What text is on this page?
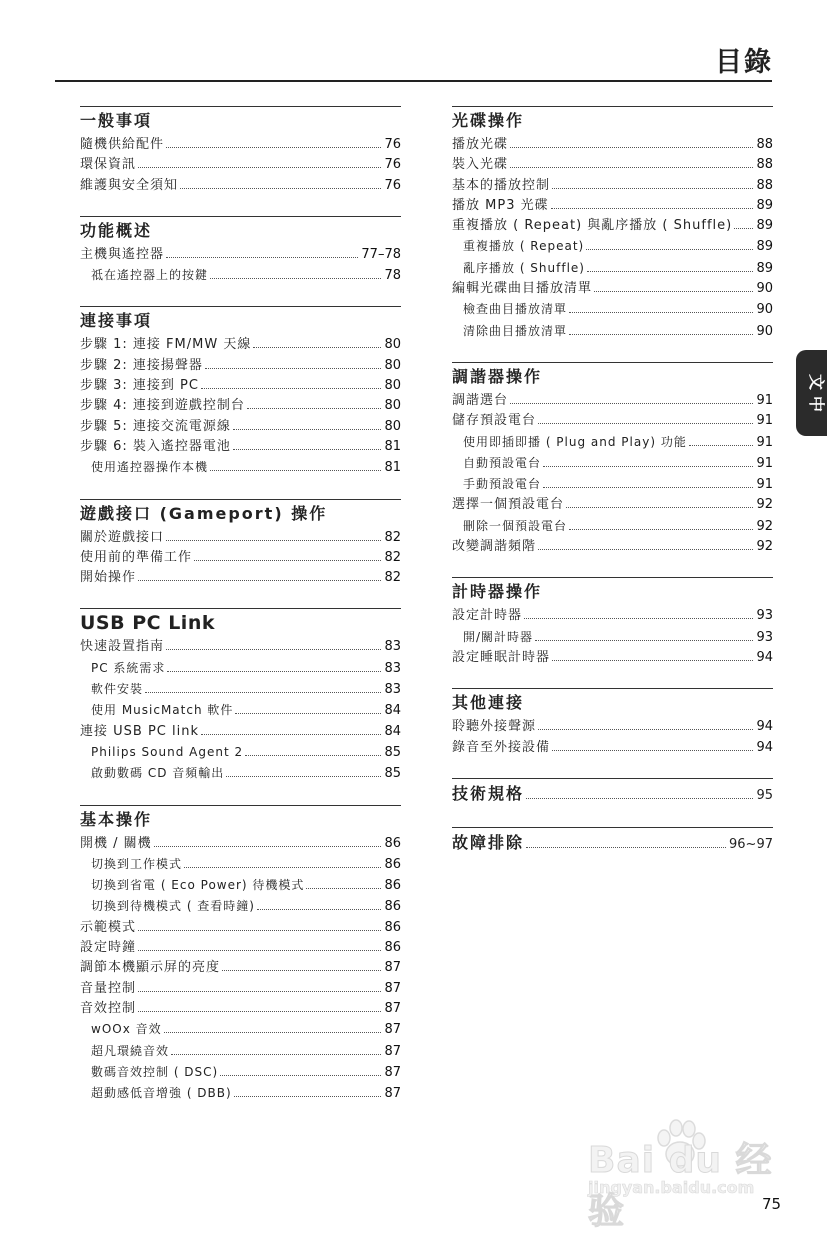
目錄
一般事項
隨機供給配件	76
環保資訊	76
維護與安全須知	76
功能概述
主機與遙控器	77–78
祗在遙控器上的按鍵	78
連接事項
步驟 1: 連接 FM/MW 天線	80
步驟 2: 連接揚聲器	80
步驟 3: 連接到 PC	80
步驟 4: 連接到遊戲控制台	80
步驟 5: 連接交流電源線	80
步驟 6: 裝入遙控器電池	81
使用遙控器操作本機	81
遊戲接口 (Gameport) 操作
關於遊戲接口	82
使用前的準備工作	82
開始操作	82
USB PC Link
快速設置指南	83
PC 系統需求	83
軟件安裝	83
使用 MusicMatch 軟件	84
連接 USB PC link	84
Philips Sound Agent 2	85
啟動數碼 CD 音頻輸出	85
基本操作
開機 / 關機	86
切換到工作模式	86
切換到省電 ( Eco Power) 待機模式	86
切換到待機模式 ( 查看時鐘)	86
示範模式	86
設定時鐘	86
調節本機顯示屏的亮度	87
音量控制	87
音效控制	87
wOOx 音效	87
超凡環繞音效	87
數碼音效控制 ( DSC)	87
超動感低音增強 ( DBB)	87
光碟操作
播放光碟	88
裝入光碟	88
基本的播放控制	88
播放 MP3 光碟	89
重複播放 ( Repeat) 與亂序播放 ( Shuffle) 89
重複播放 ( Repeat)	89
亂序播放 ( Shuffle)	89
編輯光碟曲目播放清單	90
檢查曲目播放清單	90
清除曲目播放清單	90
調諧器操作
調諧選台	91
儲存預設電台	91
使用即插即播 ( Plug and Play) 功能	91
自動預設電台	91
手動預設電台	91
選擇一個預設電台	92
刪除一個預設電台	92
改變調諧頻階	92
計時器操作
設定計時器	93
開/關計時器	93
設定睡眠計時器	94
其他連接
聆聽外接聲源	94
錄音至外接設備	94
技術規格	95
故障排除	96~97
文
中
Bai du 经验
jingyan.baidu.com
75
